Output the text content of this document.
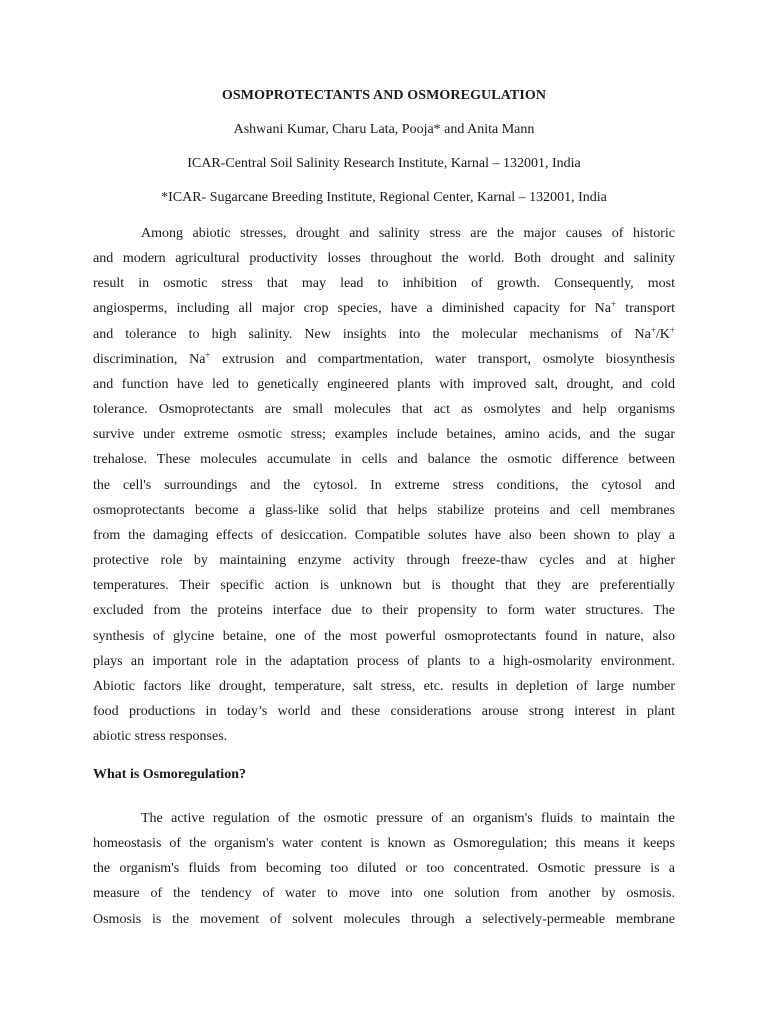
OSMOPROTECTANTS AND OSMOREGULATION
Ashwani Kumar, Charu Lata, Pooja* and Anita Mann
ICAR-Central Soil Salinity Research Institute, Karnal – 132001, India
*ICAR- Sugarcane Breeding Institute, Regional Center, Karnal – 132001, India
Among abiotic stresses, drought and salinity stress are the major causes of historic
and modern agricultural productivity losses throughout the world. Both drought and salinity
result in osmotic stress that may lead to inhibition of growth. Consequently, most
angiosperms, including all major crop species, have a diminished capacity for Na+ transport
and tolerance to high salinity. New insights into the molecular mechanisms of Na+/K+
discrimination, Na+ extrusion and compartmentation, water transport, osmolyte biosynthesis
and function have led to genetically engineered plants with improved salt, drought, and cold
tolerance. Osmoprotectants are small molecules that act as osmolytes and help organisms
survive under extreme osmotic stress; examples include betaines, amino acids, and the sugar
trehalose. These molecules accumulate in cells and balance the osmotic difference between
the cell's surroundings and the cytosol. In extreme stress conditions, the cytosol and
osmoprotectants become a glass-like solid that helps stabilize proteins and cell membranes
from the damaging effects of desiccation. Compatible solutes have also been shown to play a
protective role by maintaining enzyme activity through freeze-thaw cycles and at higher
temperatures. Their specific action is unknown but is thought that they are preferentially
excluded from the proteins interface due to their propensity to form water structures. The
synthesis of glycine betaine, one of the most powerful osmoprotectants found in nature, also
plays an important role in the adaptation process of plants to a high-osmolarity environment.
Abiotic factors like drought, temperature, salt stress, etc. results in depletion of large number
food productions in today’s world and these considerations arouse strong interest in plant
abiotic stress responses.
What is Osmoregulation?
The active regulation of the osmotic pressure of an organism's fluids to maintain the
homeostasis of the organism's water content is known as Osmoregulation; this means it keeps
the organism's fluids from becoming too diluted or too concentrated. Osmotic pressure is a
measure of the tendency of water to move into one solution from another by osmosis.
Osmosis is the movement of solvent molecules through a selectively-permeable membrane
